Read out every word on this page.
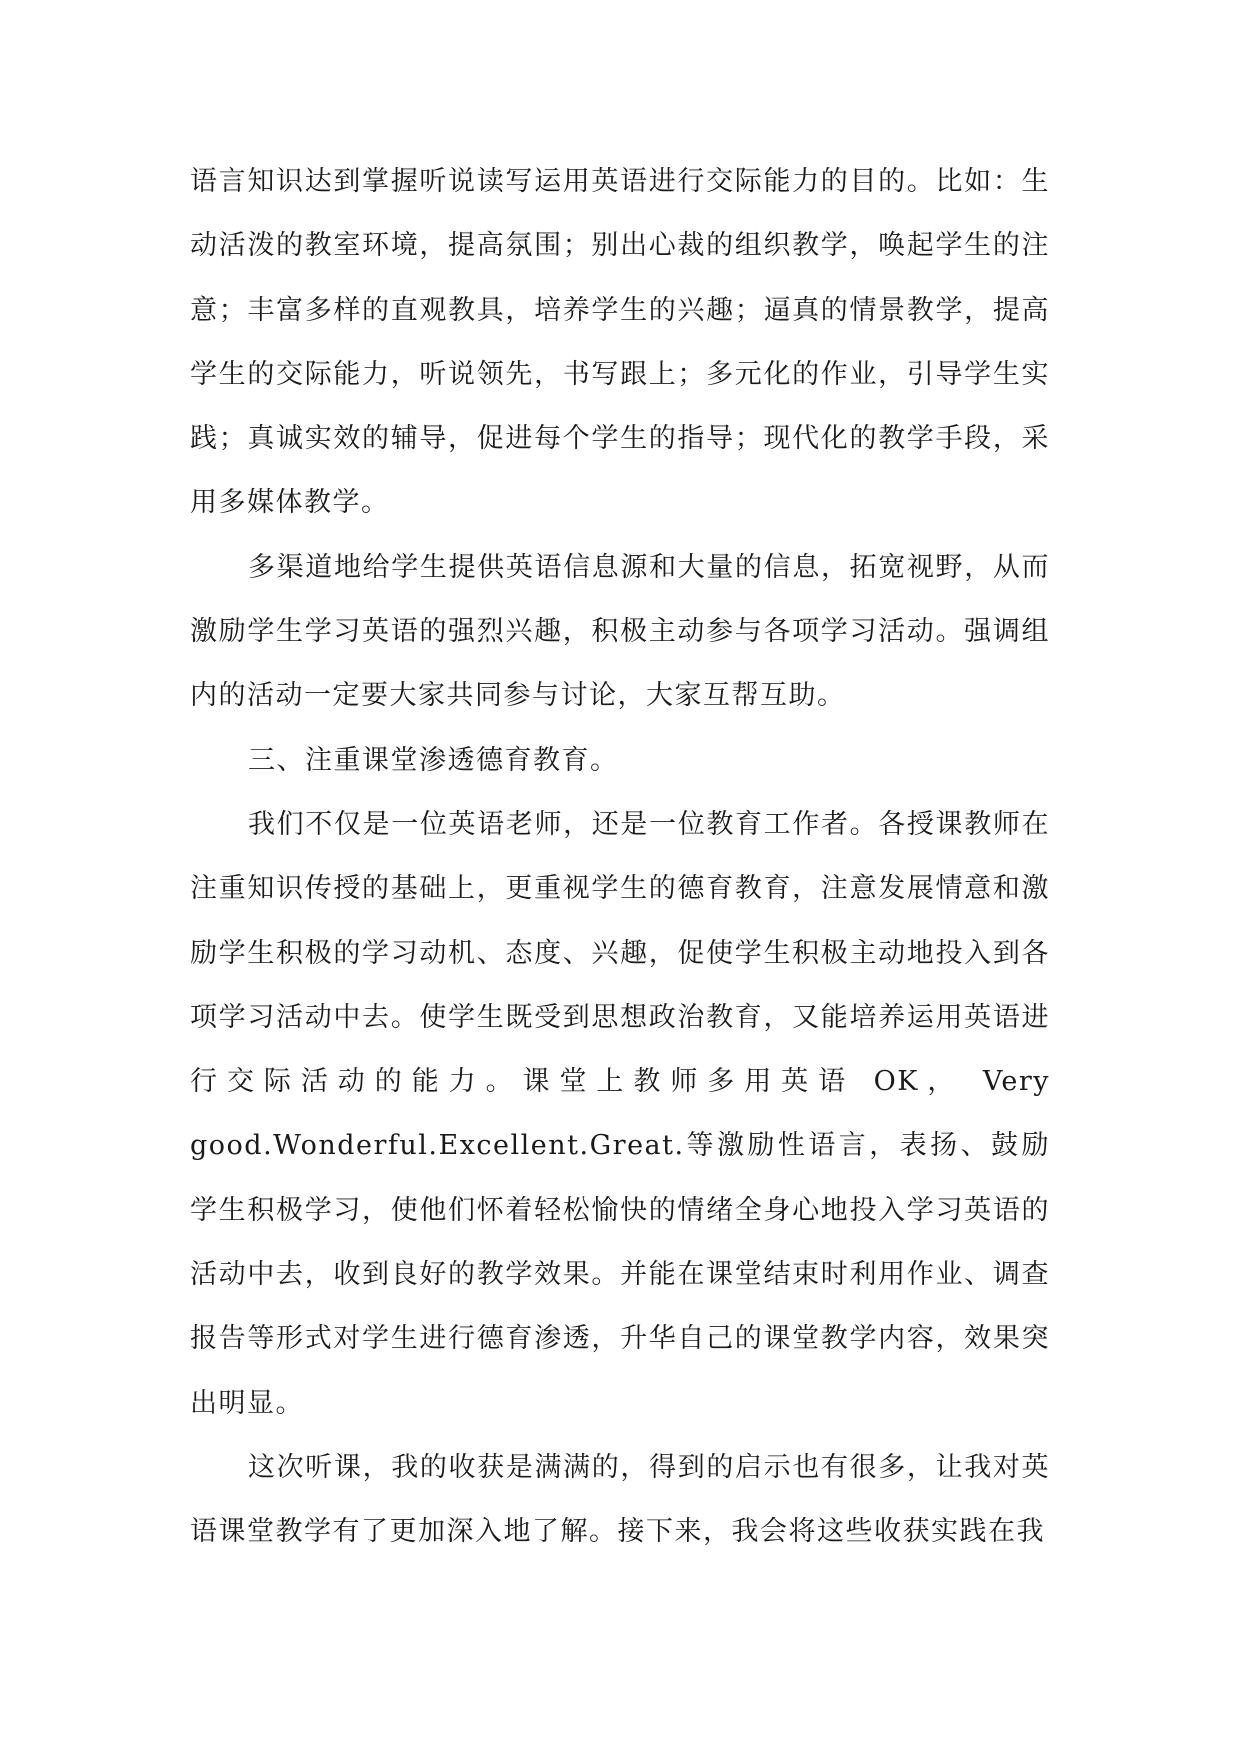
语言知识达到掌握听说读写运用英语进行交际能力的目的。比如：生动活泼的教室环境，提高氛围；别出心裁的组织教学，唤起学生的注意；丰富多样的直观教具，培养学生的兴趣；逼真的情景教学，提高学生的交际能力，听说领先，书写跟上；多元化的作业，引导学生实践；真诚实效的辅导，促进每个学生的指导；现代化的教学手段，采用多媒体教学。

多渠道地给学生提供英语信息源和大量的信息，拓宽视野，从而激励学生学习英语的强烈兴趣，积极主动参与各项学习活动。强调组内的活动一定要大家共同参与讨论，大家互帮互助。

三、注重课堂渗透德育教育。

我们不仅是一位英语老师，还是一位教育工作者。各授课教师在注重知识传授的基础上，更重视学生的德育教育，注意发展情意和激励学生积极的学习动机、态度、兴趣，促使学生积极主动地投入到各项学习活动中去。使学生既受到思想政治教育，又能培养运用英语进行交际活动的能力。课堂上教师多用英语 OK， Very good.Wonderful.Excellent.Great.等激励性语言，表扬、鼓励学生积极学习，使他们怀着轻松愉快的情绪全身心地投入学习英语的活动中去，收到良好的教学效果。并能在课堂结束时利用作业、调查报告等形式对学生进行德育渗透，升华自己的课堂教学内容，效果突出明显。

这次听课，我的收获是满满的，得到的启示也有很多，让我对英语课堂教学有了更加深入地了解。接下来，我会将这些收获实践在我
